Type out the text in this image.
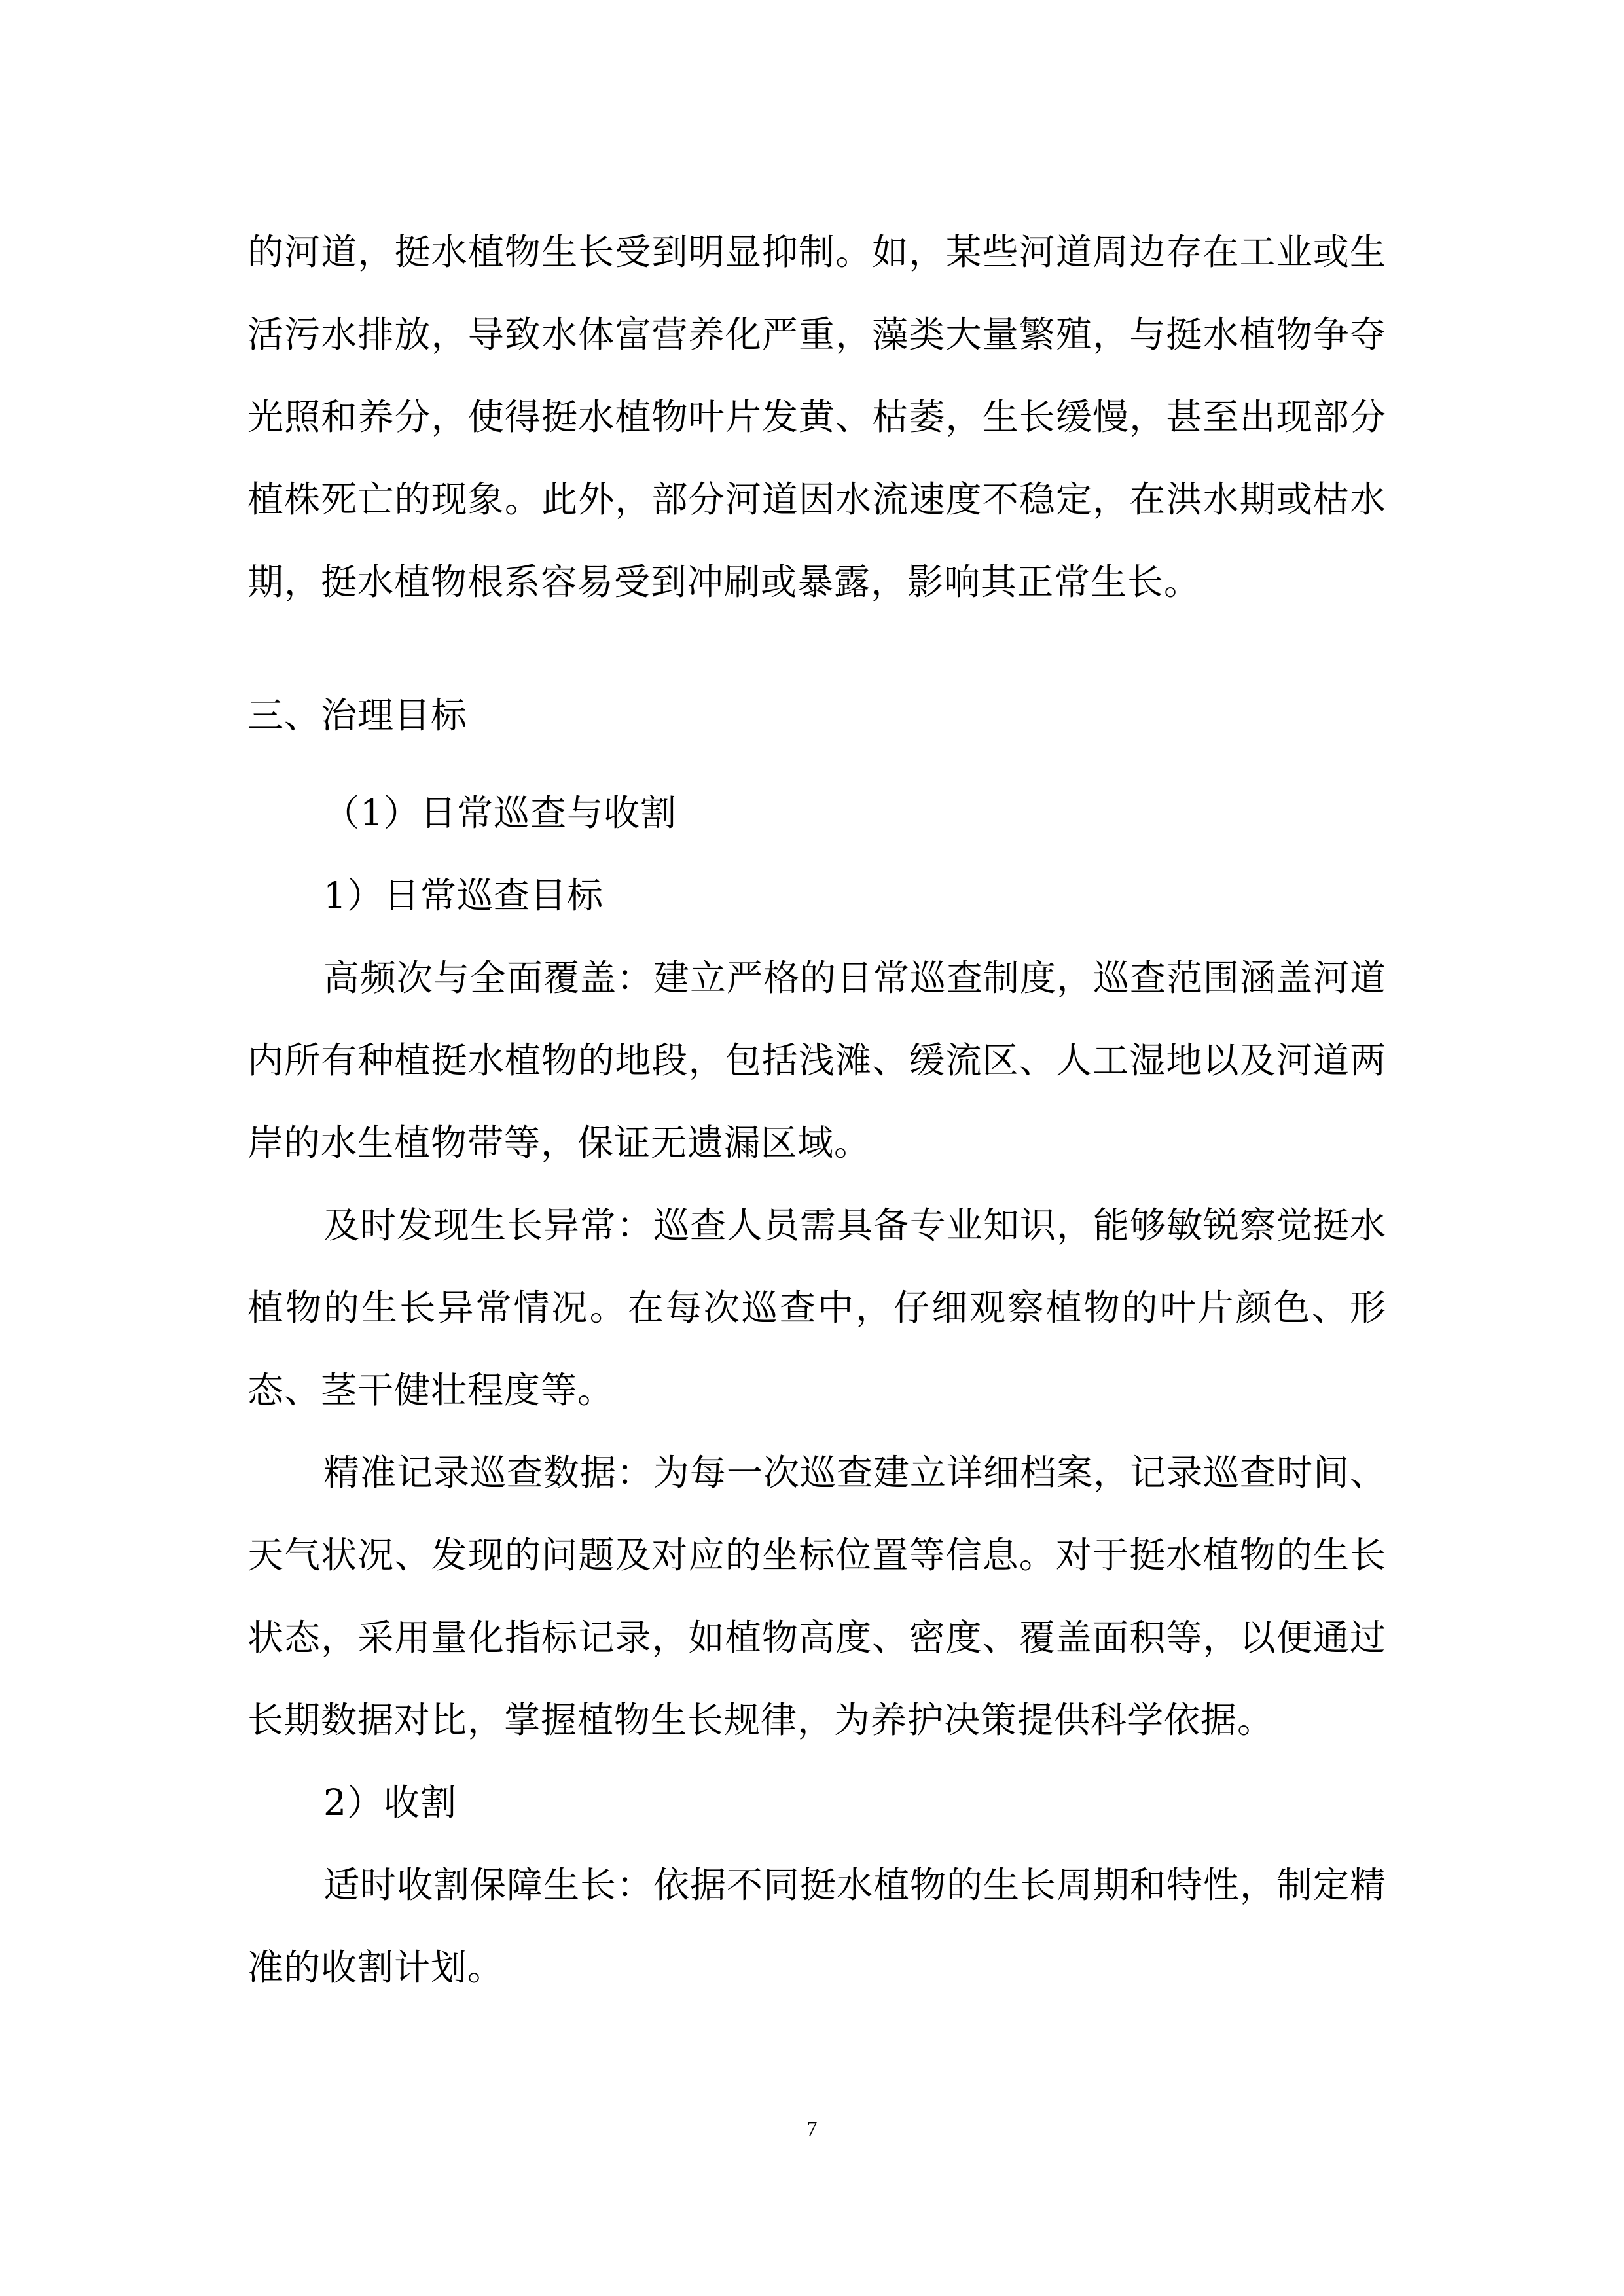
的河道，挺水植物生长受到明显抑制。如，某些河道周边存在工业或生活污水排放，导致水体富营养化严重，藻类大量繁殖，与挺水植物争夺光照和养分，使得挺水植物叶片发黄、枯萎，生长缓慢，甚至出现部分植株死亡的现象。此外，部分河道因水流速度不稳定，在洪水期或枯水期，挺水植物根系容易受到冲刷或暴露，影响其正常生长。

三、治理目标

（1）日常巡查与收割

1）日常巡查目标

高频次与全面覆盖：建立严格的日常巡查制度，巡查范围涵盖河道内所有种植挺水植物的地段，包括浅滩、缓流区、人工湿地以及河道两岸的水生植物带等，保证无遗漏区域。

及时发现生长异常：巡查人员需具备专业知识，能够敏锐察觉挺水植物的生长异常情况。在每次巡查中，仔细观察植物的叶片颜色、形态、茎干健壮程度等。

精准记录巡查数据：为每一次巡查建立详细档案，记录巡查时间、天气状况、发现的问题及对应的坐标位置等信息。对于挺水植物的生长状态，采用量化指标记录，如植物高度、密度、覆盖面积等，以便通过长期数据对比，掌握植物生长规律，为养护决策提供科学依据。

2）收割

适时收割保障生长：依据不同挺水植物的生长周期和特性，制定精准的收割计划。

7
